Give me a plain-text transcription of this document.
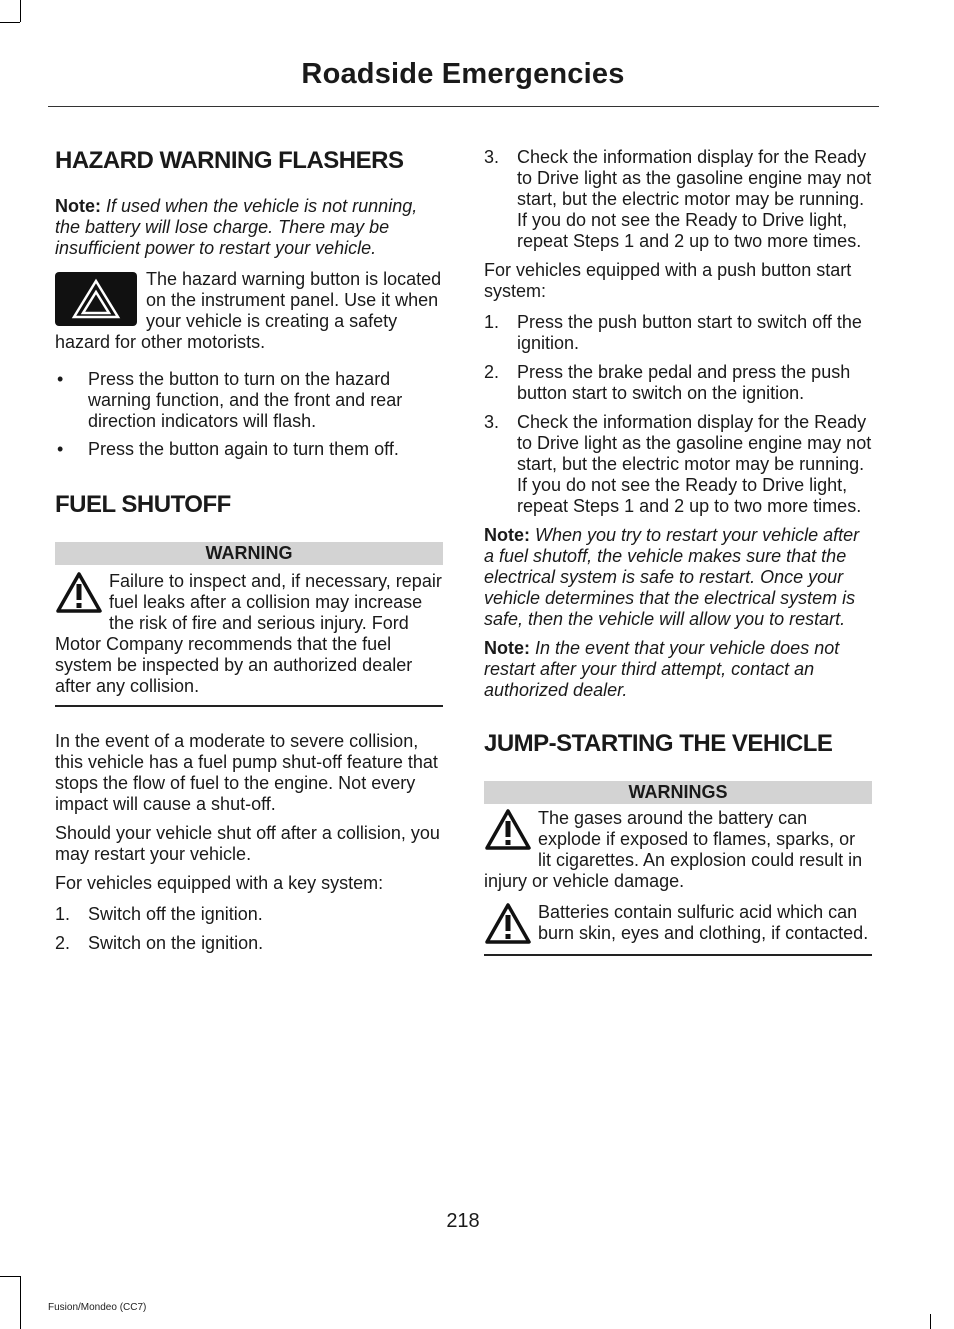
Roadside Emergencies
HAZARD WARNING FLASHERS

Note: If used when the vehicle is not running, the battery will lose charge. There may be insufficient power to restart your vehicle.

The hazard warning button is located on the instrument panel. Use it when your vehicle is creating a safety hazard for other motorists.

• Press the button to turn on the hazard warning function, and the front and rear direction indicators will flash.
• Press the button again to turn them off.
FUEL SHUTOFF
WARNING
Failure to inspect and, if necessary, repair fuel leaks after a collision may increase the risk of fire and serious injury. Ford Motor Company recommends that the fuel system be inspected by an authorized dealer after any collision.

In the event of a moderate to severe collision, this vehicle has a fuel pump shut-off feature that stops the flow of fuel to the engine. Not every impact will cause a shut-off.

Should your vehicle shut off after a collision, you may restart your vehicle.

For vehicles equipped with a key system:

1. Switch off the ignition.
2. Switch on the ignition.
3. Check the information display for the Ready to Drive light as the gasoline engine may not start, but the electric motor may be running. If you do not see the Ready to Drive light, repeat Steps 1 and 2 up to two more times.

For vehicles equipped with a push button start system:

1. Press the push button start to switch off the ignition.
2. Press the brake pedal and press the push button start to switch on the ignition.
3. Check the information display for the Ready to Drive light as the gasoline engine may not start, but the electric motor may be running. If you do not see the Ready to Drive light, repeat Steps 1 and 2 up to two more times.

Note: When you try to restart your vehicle after a fuel shutoff, the vehicle makes sure that the electrical system is safe to restart. Once your vehicle determines that the electrical system is safe, then the vehicle will allow you to restart.

Note: In the event that your vehicle does not restart after your third attempt, contact an authorized dealer.

JUMP-STARTING THE VEHICLE
WARNINGS
The gases around the battery can explode if exposed to flames, sparks, or lit cigarettes. An explosion could result in injury or vehicle damage.
Batteries contain sulfuric acid which can burn skin, eyes and clothing, if contacted.
218
Fusion/Mondeo (CC7)
